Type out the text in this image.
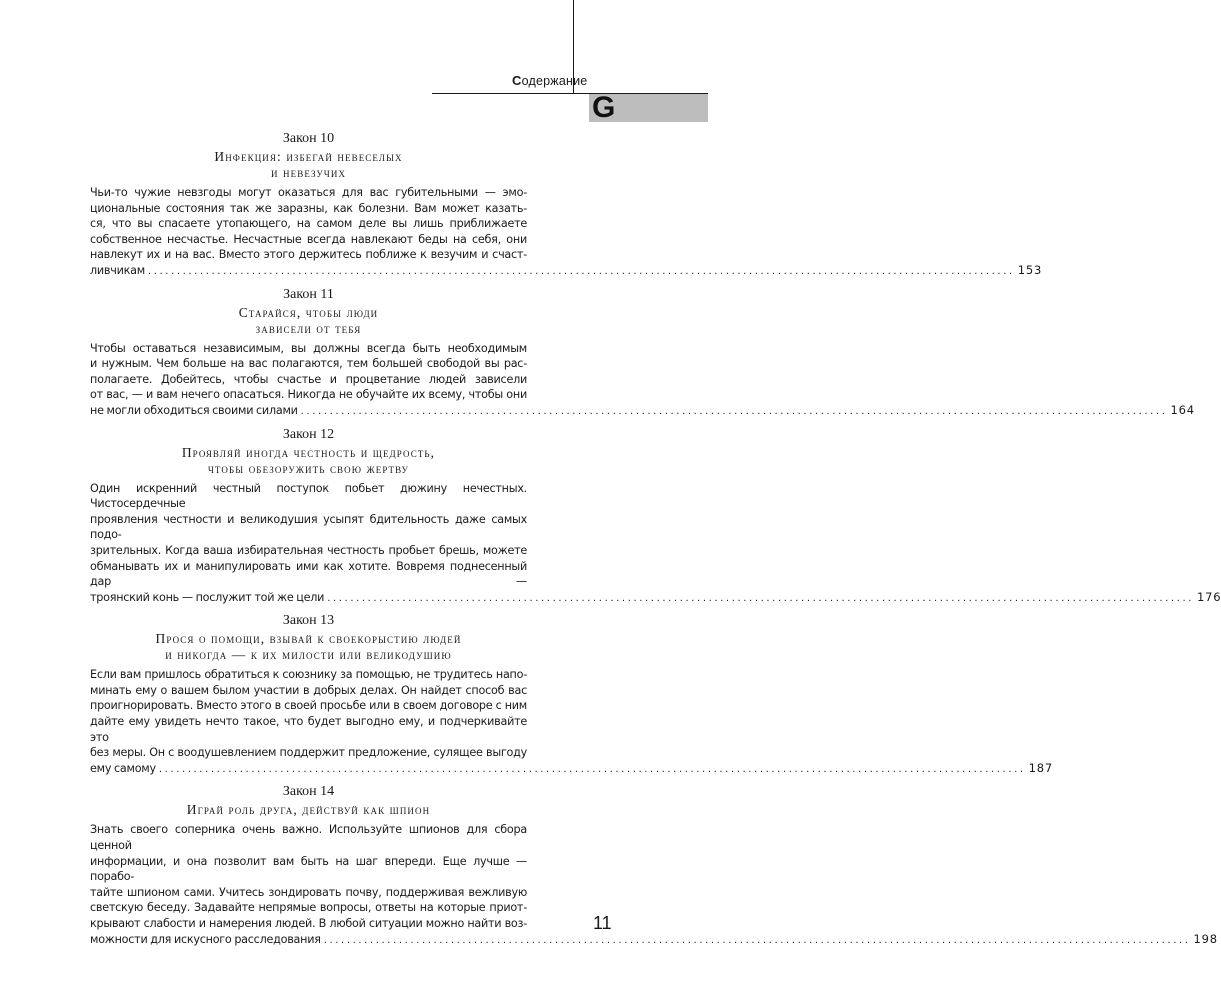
Содержание
G
Закон 10
Инфекция: избегай невеселых
и невезучих
Чьи-то чужие невзгоды могут оказаться для вас губительными — эмо-
циональные состояния так же заразны, как болезни. Вам может казать-
ся, что вы спасаете утопающего, на самом деле вы лишь приближаете
собственное несчастье. Несчастные всегда навлекают беды на себя, они
навлекут их и на вас. Вместо этого держитесь поближе к везучим и счаст-
ливчикам ...................................................................................................................................................... 153
Закон 11
Старайся, чтобы люди
зависели от тебя
Чтобы оставаться независимым, вы должны всегда быть необходимым
и нужным. Чем больше на вас полагаются, тем большей свободой вы рас-
полагаете. Добейтесь, чтобы счастье и процветание людей зависели
от вас, — и вам нечего опасаться. Никогда не обучайте их всему, чтобы они
не могли обходиться своими силами ...................................................................................................................................................... 164
Закон 12
Проявляй иногда честность и щедрость,
чтобы обезоружить свою жертву
Один искренний честный поступок побьет дюжину нечестных. Чистосердечные
проявления честности и великодушия усыпят бдительность даже самых подо-
зрительных. Когда ваша избирательная честность пробьет брешь, можете
обманывать их и манипулировать ими как хотите. Вовремя поднесенный дар —
троянский конь — послужит той же цели ...................................................................................................................................................... 176
Закон 13
Прося о помощи, взывай к своекорыстию людей
и никогда — к их милости или великодушию
Если вам пришлось обратиться к союзнику за помощью, не трудитесь напо-
минать ему о вашем былом участии в добрых делах. Он найдет способ вас
проигнорировать. Вместо этого в своей просьбе или в своем договоре с ним
дайте ему увидеть нечто такое, что будет выгодно ему, и подчеркивайте это
без меры. Он с воодушевлением поддержит предложение, сулящее выгоду
ему самому ...................................................................................................................................................... 187
Закон 14
Играй роль друга, действуй как шпион
Знать своего соперника очень важно. Используйте шпионов для сбора ценной
информации, и она позволит вам быть на шаг впереди. Еще лучше — порабо-
тайте шпионом сами. Учитесь зондировать почву, поддерживая вежливую
светскую беседу. Задавайте непрямые вопросы, ответы на которые приот-
крывают слабости и намерения людей. В любой ситуации можно найти воз-
можности для искусного расследования ...................................................................................................................................................... 198
11
